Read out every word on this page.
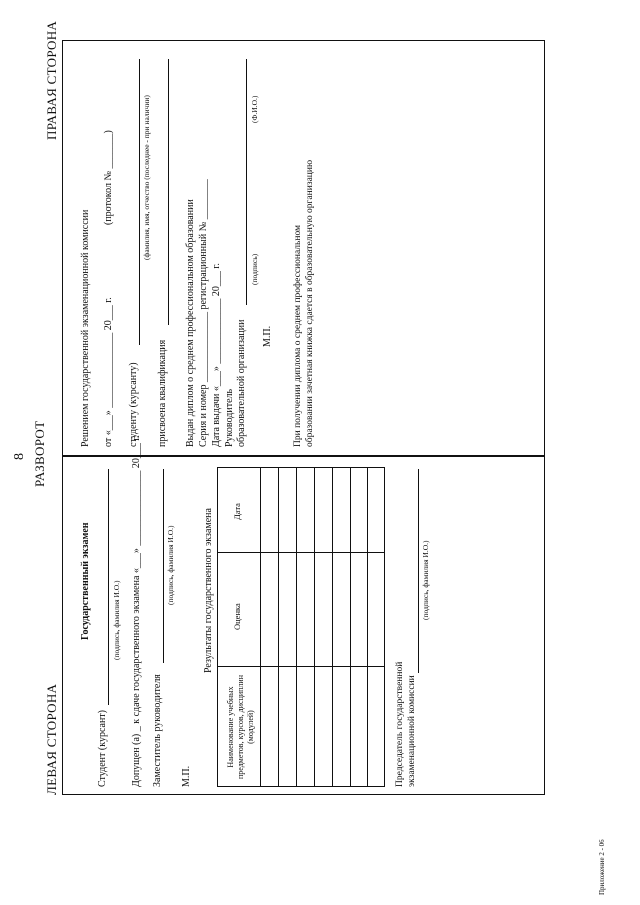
8 РАЗВОРОТ
ЛЕВАЯ СТОРОНА
ПРАВАЯ СТОРОНА
Государственный экзамен
Студент (курсант)
(подпись, фамилия И.О.) Допущен (а) _ к сдаче государственного экзамена «___» _______________ 20___ г. Заместитель руководителя
(подпись, фамилия И.О.)
М.П.
Результаты государственного экзамена
Наименование учебных предметов, курсов, дисциплин (модулей)
Оценка
Дата
Председатель государственной экзаменационной комиссии
(подпись, фамилия И.О.)
Решением государственной экзаменационной комиссии от «___» _______________ 20___ г.
(протокол № _______)
студенту (курсанту)
(фамилия, имя, отчество (последнее - при наличии)
присвоена квалификация Выдан диплом о среднем профессиональном образовании Серия и номер ______________ регистрационный № ________ Дата выдачи «___» _____________ 20___ г. Руководитель образовательной организации
(подпись)
(Ф.И.О.)
М.П. При получении диплома о среднем профессиональном образовании зачетная книжка сдается в образовательную организацию
Приложение 2 - 06
